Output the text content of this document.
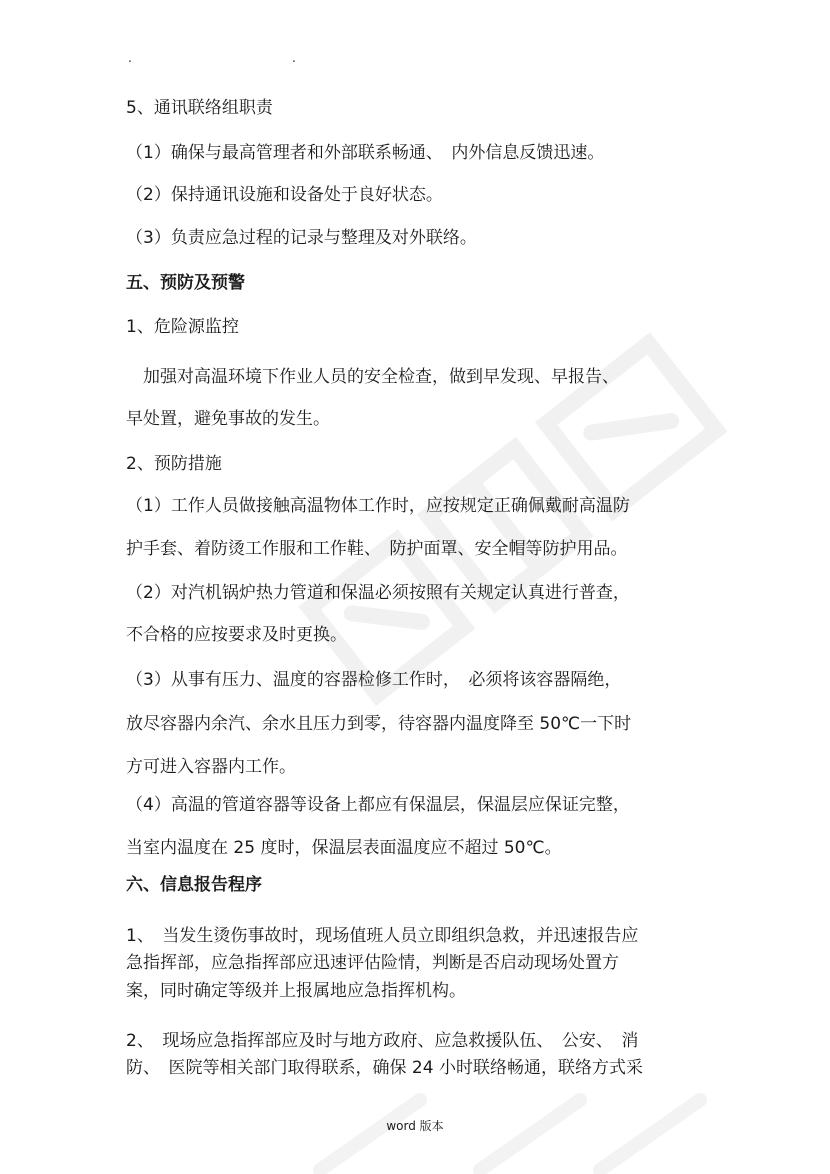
.	.
5、通讯联络组职责
（1）确保与最高管理者和外部联系畅通、　内外信息反馈迅速。
（2）保持通讯设施和设备处于良好状态。
（3）负责应急过程的记录与整理及对外联络。
五、预防及预警
1、危险源监控
　加强对高温环境下作业人员的安全检查，做到早发现、早报告、
早处置，避免事故的发生。
2、预防措施
（1）工作人员做接触高温物体工作时，应按规定正确佩戴耐高温防
护手套、着防烫工作服和工作鞋、　防护面罩、安全帽等防护用品。
（2）对汽机锅炉热力管道和保温必须按照有关规定认真进行普查，
不合格的应按要求及时更换。
（3）从事有压力、温度的容器检修工作时，　必须将该容器隔绝，
放尽容器内余汽、余水且压力到零，待容器内温度降至 50℃一下时
方可进入容器内工作。
（4）高温的管道容器等设备上都应有保温层，保温层应保证完整，
当室内温度在 25 度时，保温层表面温度应不超过 50℃。
六、信息报告程序
1、　当发生烫伤事故时，现场值班人员立即组织急救，并迅速报告应
急指挥部，应急指挥部应迅速评估险情，判断是否启动现场处置方
案，同时确定等级并上报属地应急指挥机构。
2、　现场应急指挥部应及时与地方政府、应急救援队伍、　公安、　消
防、　医院等相关部门取得联系，确保 24 小时联络畅通，联络方式采
word 版本
